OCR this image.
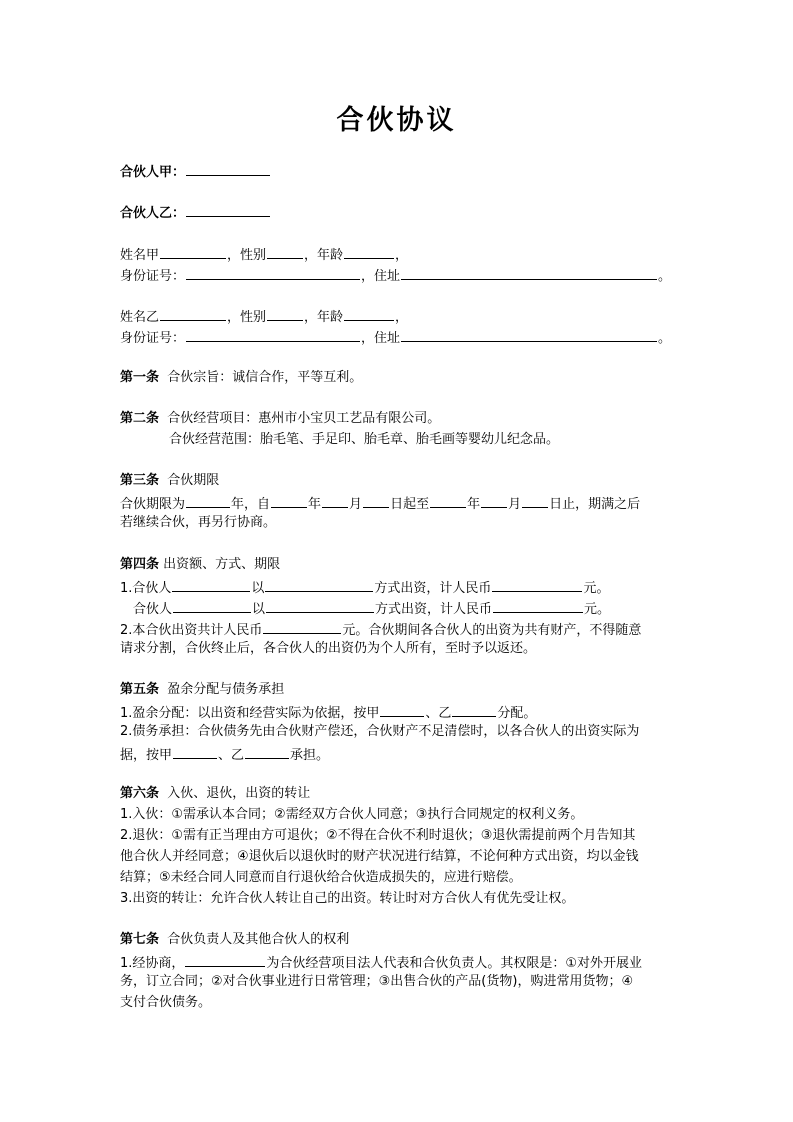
合伙协议
合伙人甲：
合伙人乙：
姓名甲	，性别	，年龄	，
身份证号：	，住址	。
姓名乙	，性别	，年龄	，
身份证号：	，住址	。
第一条 合伙宗旨：诚信合作，平等互利。
第二条 合伙经营项目：惠州市小宝贝工艺品有限公司。
合伙经营范围：胎毛笔、手足印、胎毛章、胎毛画等婴幼儿纪念品。
第三条 合伙期限
合伙期限为	年，自	年 月 日起至	年 月 日止，期满之后
若继续合伙，再另行协商。
第四条 出资额、方式、期限
1.合伙人	以	方式出资，计人民币	元。
合伙人	以	方式出资，计人民币	元。
2.本合伙出资共计人民币	元。合伙期间各合伙人的出资为共有财产，不得随意
请求分割，合伙终止后，各合伙人的出资仍为个人所有，至时予以返还。
第五条 盈余分配与债务承担
1.盈余分配：以出资和经营实际为依据，按甲	、乙	分配。
2.债务承担：合伙债务先由合伙财产偿还，合伙财产不足清偿时，以各合伙人的出资实际为
据，按甲	、乙	承担。
第六条 入伙、退伙，出资的转让
1.入伙：①需承认本合同；②需经双方合伙人同意；③执行合同规定的权利义务。
2.退伙：①需有正当理由方可退伙；②不得在合伙不利时退伙；③退伙需提前两个月告知其
他合伙人并经同意；④退伙后以退伙时的财产状况进行结算，不论何种方式出资，均以金钱
结算；⑤未经合同人同意而自行退伙给合伙造成损失的，应进行赔偿。
3.出资的转让：允许合伙人转让自己的出资。转让时对方合伙人有优先受让权。
第七条 合伙负责人及其他合伙人的权利
1.经协商，	为合伙经营项目法人代表和合伙负责人。其权限是：①对外开展业
务，订立合同；②对合伙事业进行日常管理；③出售合伙的产品(货物)，购进常用货物；④
支付合伙债务。
